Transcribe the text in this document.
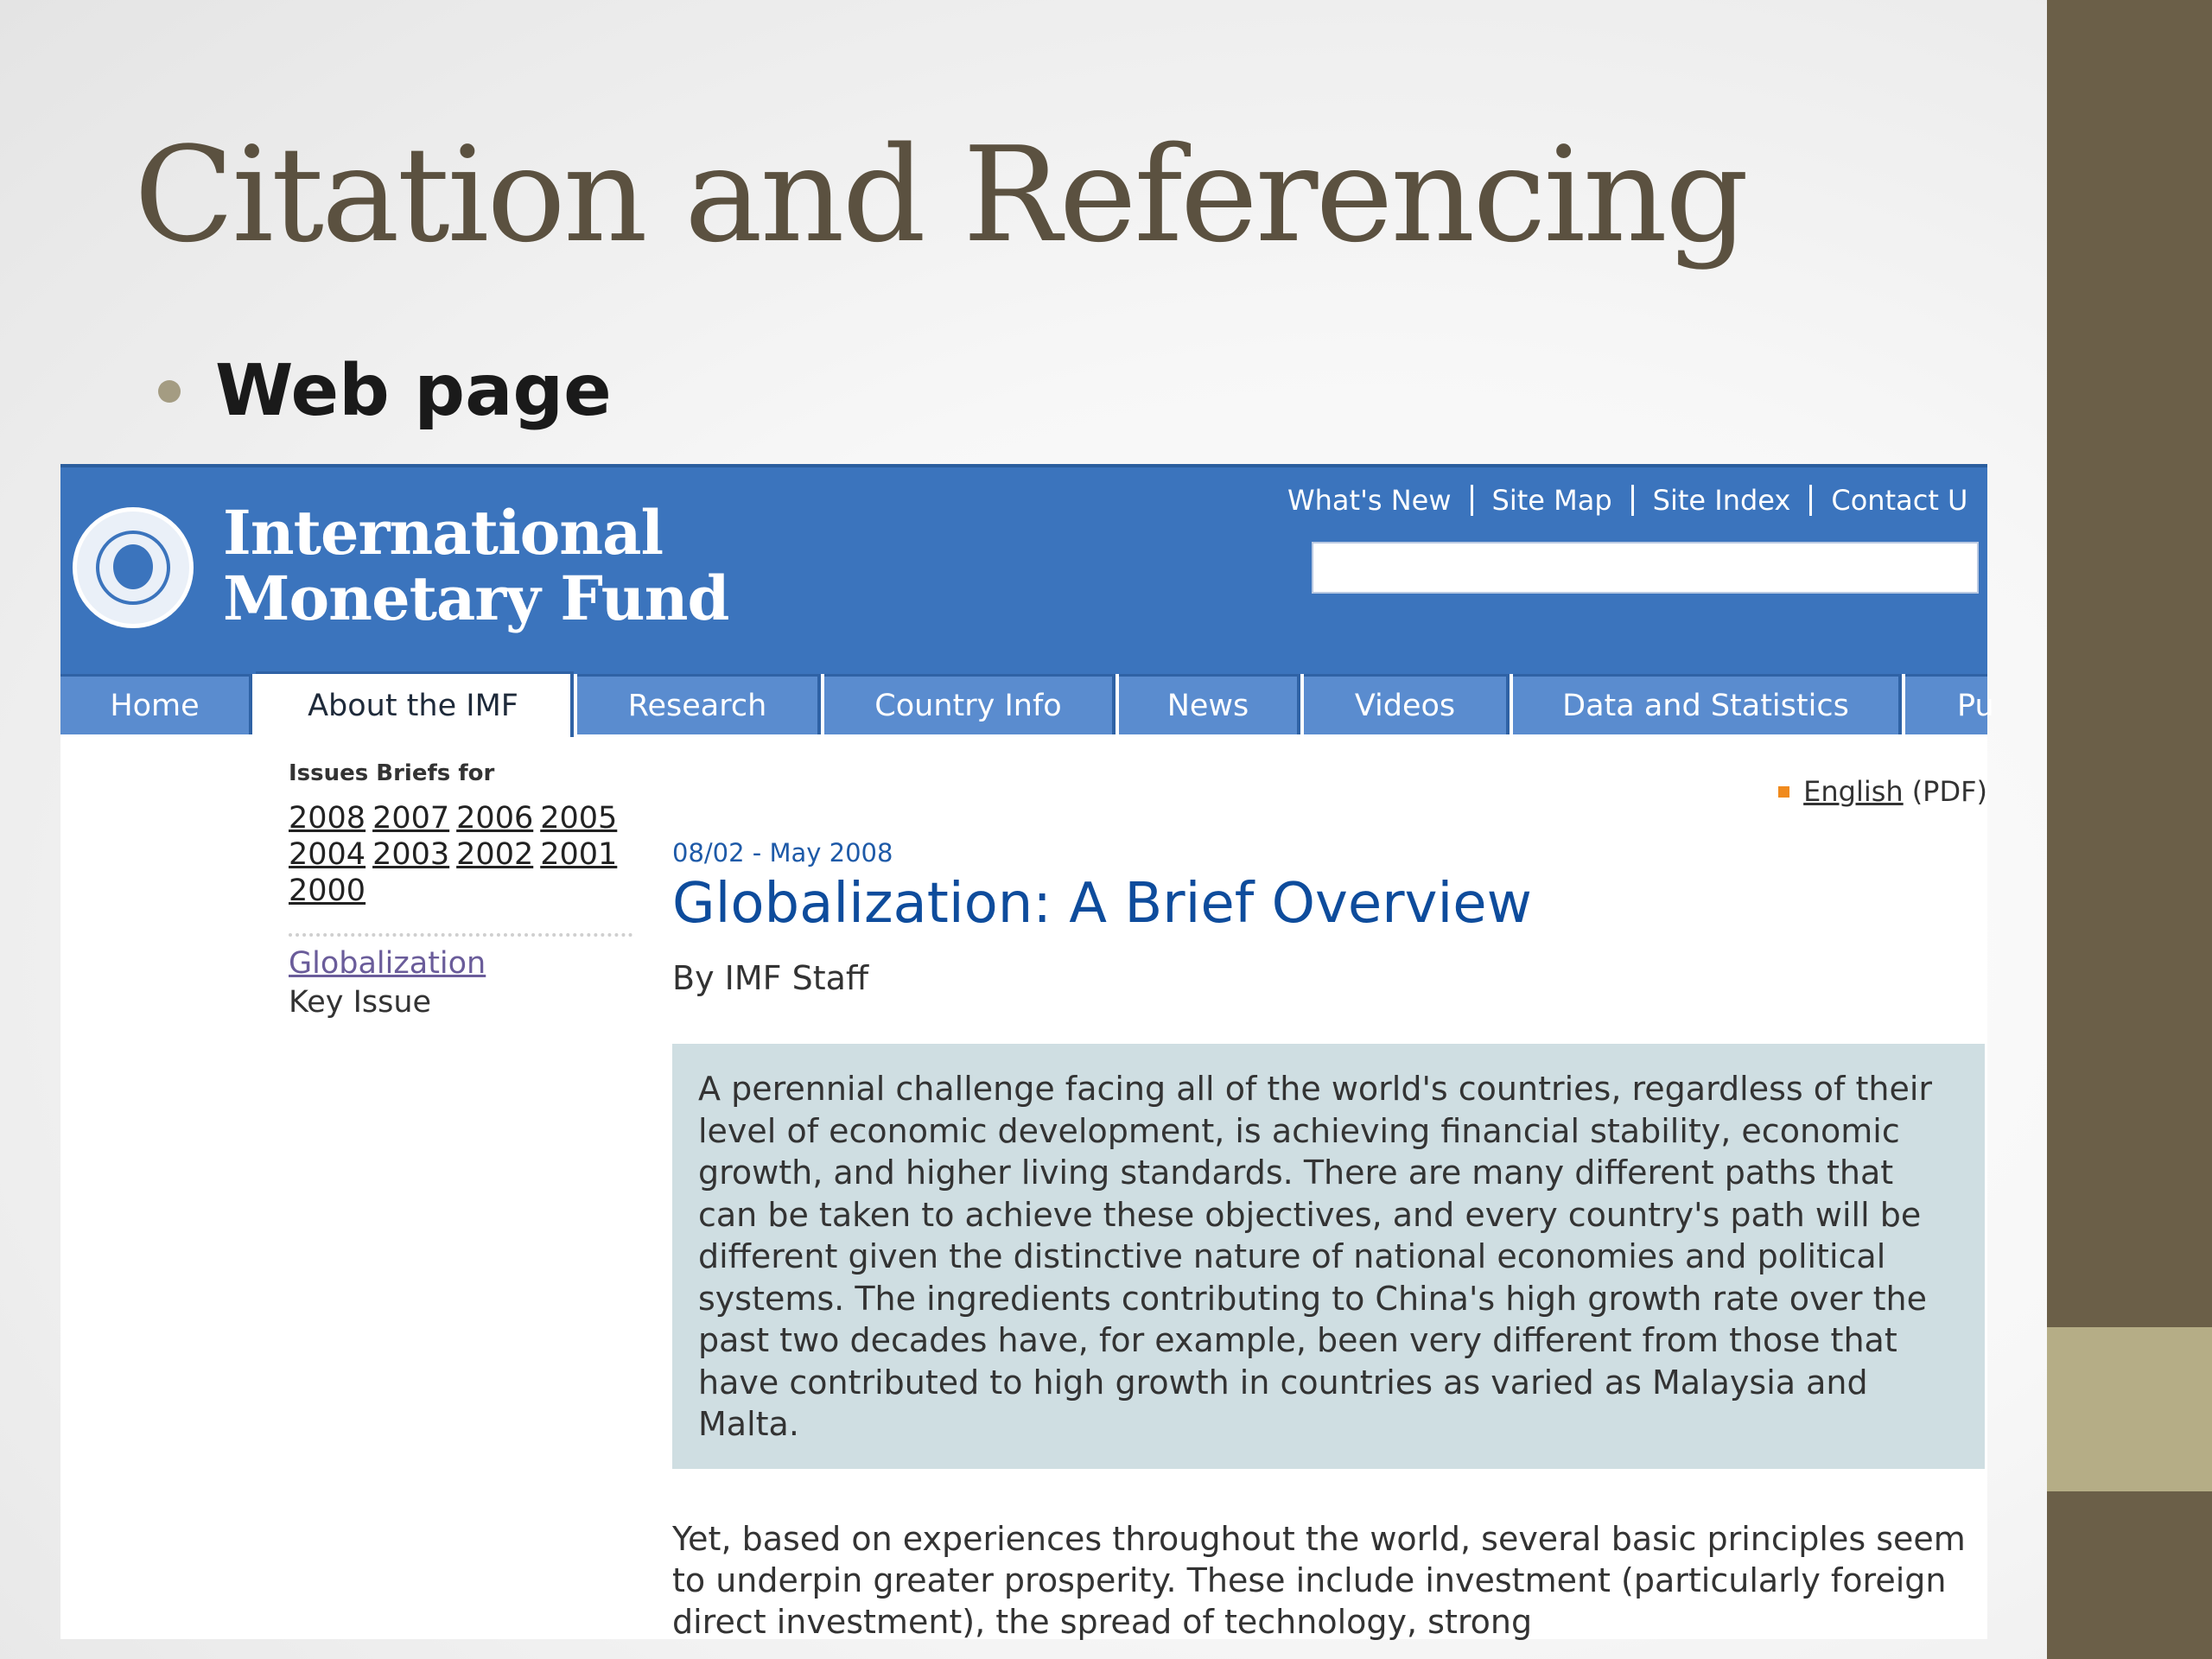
Citation and Referencing
Web page
International
Monetary Fund
What's New	Site Map	Site Index	Contact U
Home	About the IMF	Research	Country Info	News	Videos	Data and Statistics	Pu
Issues Briefs for
2008 2007 2006 2005
2004 2003 2002 2001
2000
Globalization
Key Issue
English (PDF)
08/02 - May 2008
Globalization: A Brief Overview
By IMF Staff
A perennial challenge facing all of the world's countries, regardless of their level of economic development, is achieving financial stability, economic growth, and higher living standards. There are many different paths that can be taken to achieve these objectives, and every country's path will be different given the distinctive nature of national economies and political systems. The ingredients contributing to China's high growth rate over the past two decades have, for example, been very different from those that have contributed to high growth in countries as varied as Malaysia and Malta.
Yet, based on experiences throughout the world, several basic principles seem to underpin greater prosperity. These include investment (particularly foreign direct investment), the spread of technology, strong
